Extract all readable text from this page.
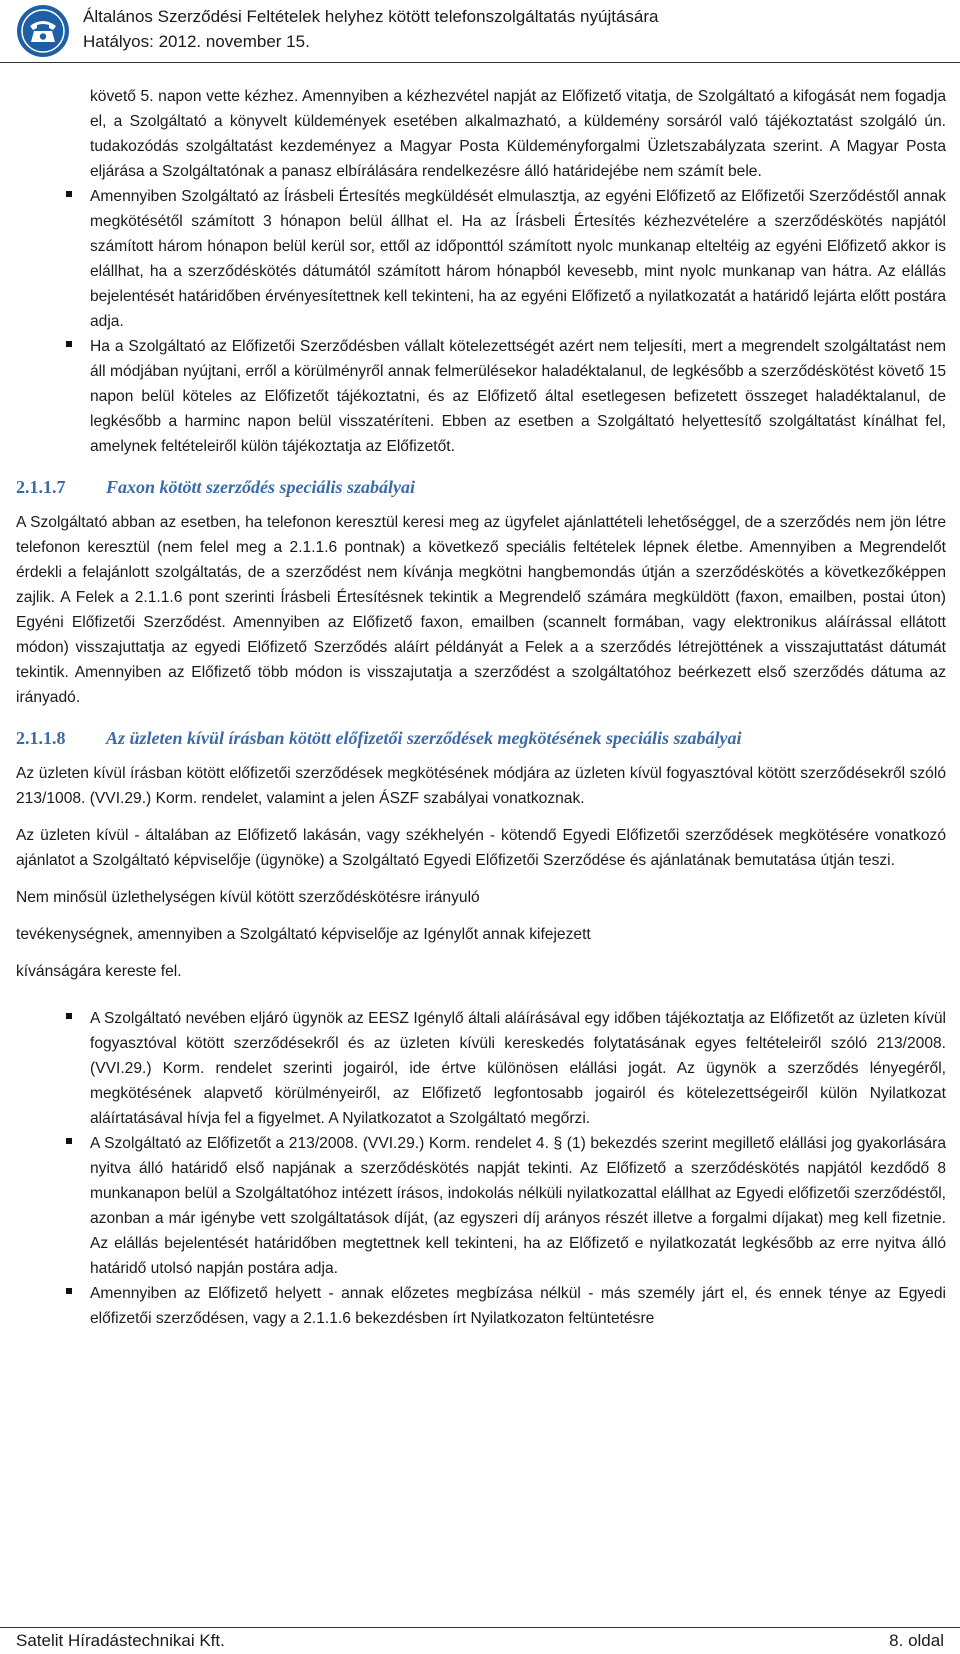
Általános Szerződési Feltételek helyhez kötött telefonszolgáltatás nyújtására
Hatályos: 2012. november 15.

követő 5. napon vette kézhez. Amennyiben a kézhezvétel napját az Előfizető vitatja, de Szolgáltató a kifogását nem fogadja el, a Szolgáltató a könyvelt küldemények esetében alkalmazható, a küldemény sorsáról való tájékoztatást szolgáló ún. tudakozódás szolgáltatást kezdeményez a Magyar Posta Küldeményforgalmi Üzletszabályzata szerint. A Magyar Posta eljárása a Szolgáltatónak a panasz elbírálására rendelkezésre álló határidejébe nem számít bele.

Amennyiben Szolgáltató az Írásbeli Értesítés megküldését elmulasztja, az egyéni Előfizető az Előfizetői Szerződéstől annak megkötésétől számított 3 hónapon belül állhat el. Ha az Írásbeli Értesítés kézhezvételére a szerződéskötés napjától számított három hónapon belül kerül sor, ettől az időponttól számított nyolc munkanap elteltéig az egyéni Előfizető akkor is elállhat, ha a szerződéskötés dátumától számított három hónapból kevesebb, mint nyolc munkanap van hátra. Az elállás bejelentését határidőben érvényesítettnek kell tekinteni, ha az egyéni Előfizető a nyilatkozatát a határidő lejárta előtt postára adja.
Ha a Szolgáltató az Előfizetői Szerződésben vállalt kötelezettségét azért nem teljesíti, mert a megrendelt szolgáltatást nem áll módjában nyújtani, erről a körülményről annak felmerülésekor haladéktalanul, de legkésőbb a szerződéskötést követő 15 napon belül köteles az Előfizetőt tájékoztatni, és az Előfizető által esetlegesen befizetett összeget haladéktalanul, de legkésőbb a harminc napon belül visszatéríteni. Ebben az esetben a Szolgáltató helyettesítő szolgáltatást kínálhat fel, amelynek feltételeiről külön tájékoztatja az Előfizetőt.
2.1.1.7 Faxon kötött szerződés speciális szabályai

A Szolgáltató abban az esetben, ha telefonon keresztül keresi meg az ügyfelet ajánlattételi lehetőséggel, de a szerződés nem jön létre telefonon keresztül (nem felel meg a 2.1.1.6 pontnak) a következő speciális feltételek lépnek életbe. Amennyiben a Megrendelőt érdekli a felajánlott szolgáltatás, de a szerződést nem kívánja megkötni hangbemondás útján a szerződéskötés a következőképpen zajlik. A Felek a 2.1.1.6 pont szerinti Írásbeli Értesítésnek tekintik a Megrendelő számára megküldött (faxon, emailben, postai úton) Egyéni Előfizetői Szerződést. Amennyiben az Előfizető faxon, emailben (scannelt formában, vagy elektronikus aláírással ellátott módon) visszajuttatja az egyedi Előfizető Szerződés aláírt példányát a Felek a a szerződés létrejöttének a visszajuttatást dátumát tekintik. Amennyiben az Előfizető több módon is visszajutatja a szerződést a szolgáltatóhoz beérkezett első szerződés dátuma az irányadó.

2.1.1.8 Az üzleten kívül írásban kötött előfizetői szerződések megkötésének speciális szabályai

Az üzleten kívül írásban kötött előfizetői szerződések megkötésének módjára az üzleten kívül fogyasztóval kötött szerződésekről szóló 213/1008. (VVI.29.) Korm. rendelet, valamint a jelen ÁSZF szabályai vonatkoznak.

Az üzleten kívül - általában az Előfizető lakásán, vagy székhelyén - kötendő Egyedi Előfizetői szerződések megkötésére vonatkozó ajánlatot a Szolgáltató képviselője (ügynöke) a Szolgáltató Egyedi Előfizetői Szerződése és ajánlatának bemutatása útján teszi.

Nem minősül üzlethelységen kívül kötött szerződéskötésre irányuló

tevékenységnek, amennyiben a Szolgáltató képviselője az Igénylőt annak kifejezett

kívánságára kereste fel.

A Szolgáltató nevében eljáró ügynök az EESZ Igénylő általi aláírásával egy időben tájékoztatja az Előfizetőt az üzleten kívül fogyasztóval kötött szerződésekről és az üzleten kívüli kereskedés folytatásának egyes feltételeiről szóló 213/2008. (VVI.29.) Korm. rendelet szerinti jogairól, ide értve különösen elállási jogát. Az ügynök a szerződés lényegéről, megkötésének alapvető körülményeiről, az Előfizető legfontosabb jogairól és kötelezettségeiről külön Nyilatkozat aláírtatásával hívja fel a figyelmet. A Nyilatkozatot a Szolgáltató megőrzi.
A Szolgáltató az Előfizetőt a 213/2008. (VVI.29.) Korm. rendelet 4. § (1) bekezdés szerint megillető elállási jog gyakorlására nyitva álló határidő első napjának a szerződéskötés napját tekinti. Az Előfizető a szerződéskötés napjától kezdődő 8 munkanapon belül a Szolgáltatóhoz intézett írásos, indokolás nélküli nyilatkozattal elállhat az Egyedi előfizetői szerződéstől, azonban a már igénybe vett szolgáltatások díját, (az egyszeri díj arányos részét illetve a forgalmi díjakat) meg kell fizetnie. Az elállás bejelentését határidőben megtettnek kell tekinteni, ha az Előfizető e nyilatkozatát legkésőbb az erre nyitva álló határidő utolsó napján postára adja.
Amennyiben az Előfizető helyett - annak előzetes megbízása nélkül - más személy járt el, és ennek ténye az Egyedi előfizetői szerződésen, vagy a 2.1.1.6 bekezdésben írt Nyilatkozaton feltüntetésre
Satelit Híradástechnikai Kft.	8. oldal
